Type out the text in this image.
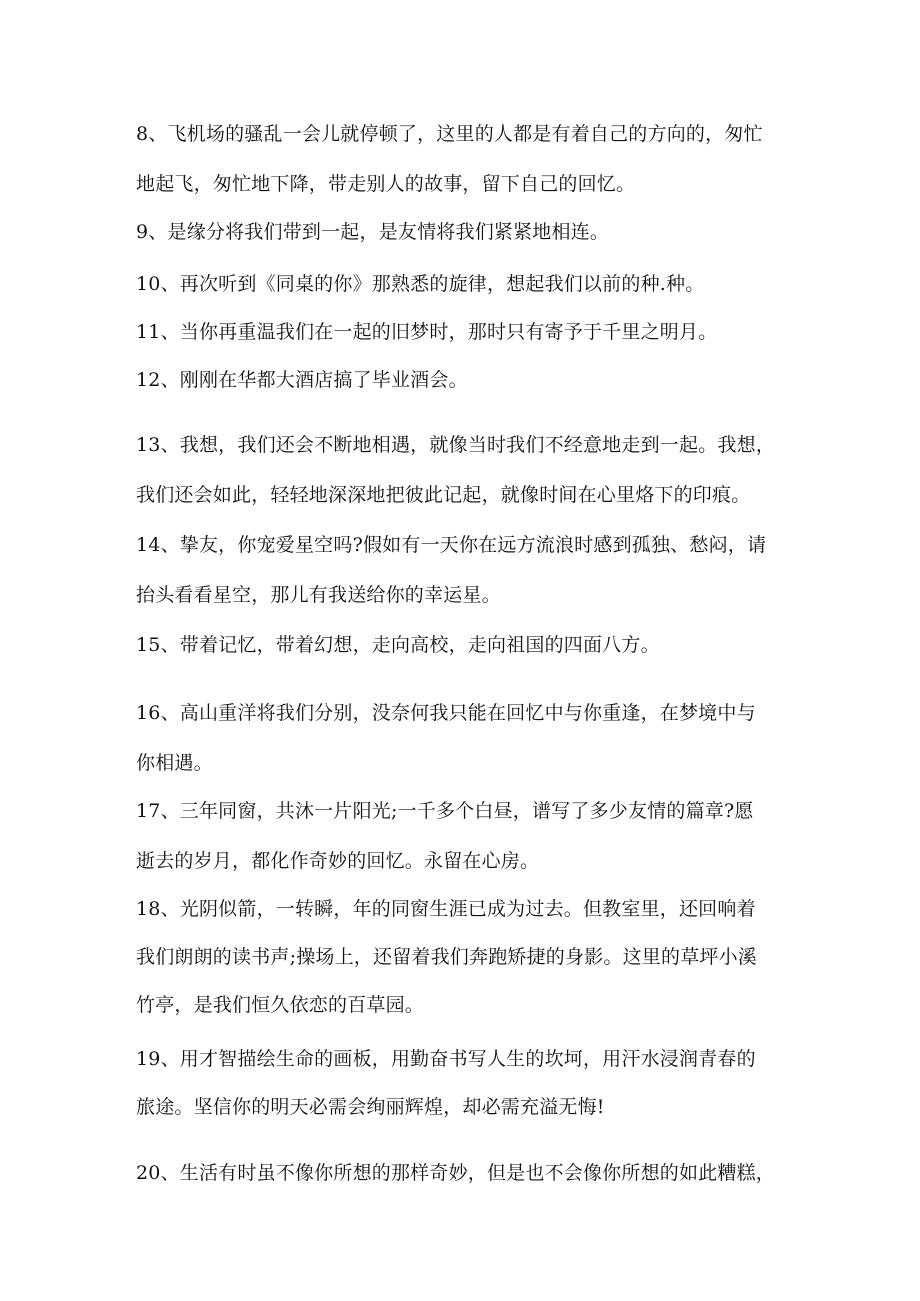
8、飞机场的骚乱一会儿就停顿了，这里的人都是有着自己的方向的，匆忙
地起飞，匆忙地下降，带走别人的故事，留下自己的回忆。
9、是缘分将我们带到一起，是友情将我们紧紧地相连。
10、再次听到《同桌的你》那熟悉的旋律，想起我们以前的种.种。
11、当你再重温我们在一起的旧梦时，那时只有寄予于千里之明月。
12、刚刚在华都大酒店搞了毕业酒会。
13、我想，我们还会不断地相遇，就像当时我们不经意地走到一起。我想，
我们还会如此，轻轻地深深地把彼此记起，就像时间在心里烙下的印痕。
14、挚友，你宠爱星空吗?假如有一天你在远方流浪时感到孤独、愁闷，请
抬头看看星空，那儿有我送给你的幸运星。
15、带着记忆，带着幻想，走向高校，走向祖国的四面八方。
16、高山重洋将我们分别，没奈何我只能在回忆中与你重逢，在梦境中与
你相遇。
17、三年同窗，共沐一片阳光;一千多个白昼，谱写了多少友情的篇章?愿
逝去的岁月，都化作奇妙的回忆。永留在心房。
18、光阴似箭，一转瞬，年的同窗生涯已成为过去。但教室里，还回响着
我们朗朗的读书声;操场上，还留着我们奔跑矫捷的身影。这里的草坪小溪
竹亭，是我们恒久依恋的百草园。
19、用才智描绘生命的画板，用勤奋书写人生的坎坷，用汗水浸润青春的
旅途。坚信你的明天必需会绚丽辉煌，却必需充溢无悔!
20、生活有时虽不像你所想的那样奇妙，但是也不会像你所想的如此糟糕，
